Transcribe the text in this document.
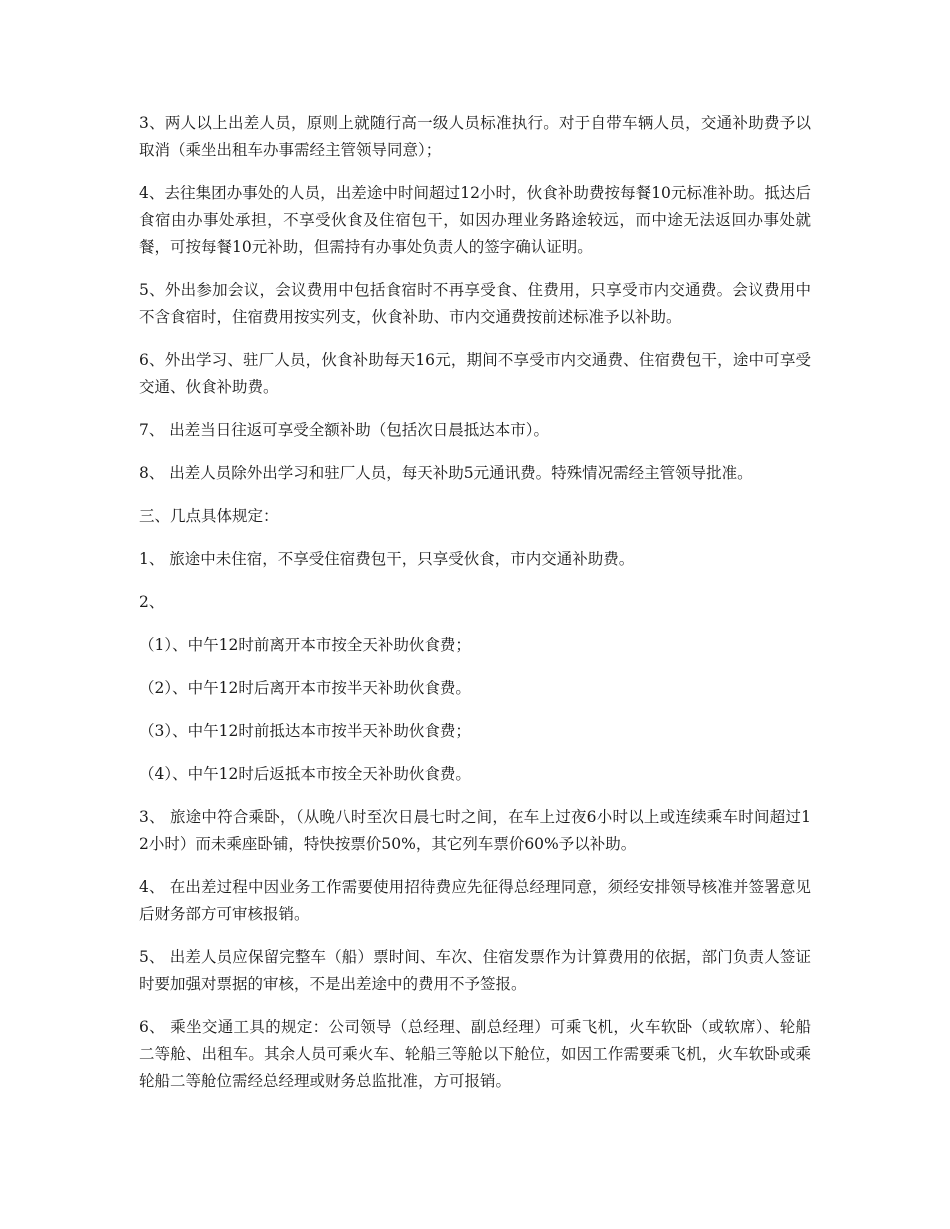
3、两人以上出差人员，原则上就随行高一级人员标准执行。对于自带车辆人员，交通补助费予以取消（乘坐出租车办事需经主管领导同意）；

4、去往集团办事处的人员，出差途中时间超过12小时，伙食补助费按每餐10元标准补助。抵达后食宿由办事处承担，不享受伙食及住宿包干，如因办理业务路途较远，而中途无法返回办事处就餐，可按每餐10元补助，但需持有办事处负责人的签字确认证明。

5、外出参加会议，会议费用中包括食宿时不再享受食、住费用，只享受市内交通费。会议费用中不含食宿时，住宿费用按实列支，伙食补助、市内交通费按前述标准予以补助。

6、外出学习、驻厂人员，伙食补助每天16元，期间不享受市内交通费、住宿费包干，途中可享受交通、伙食补助费。

7、 出差当日往返可享受全额补助（包括次日晨抵达本市）。

8、 出差人员除外出学习和驻厂人员，每天补助5元通讯费。特殊情况需经主管领导批准。

三、几点具体规定：

1、 旅途中未住宿，不享受住宿费包干，只享受伙食，市内交通补助费。

2、

（1）、中午12时前离开本市按全天补助伙食费；

（2）、中午12时后离开本市按半天补助伙食费。

（3）、中午12时前抵达本市按半天补助伙食费；

（4）、中午12时后返抵本市按全天补助伙食费。

3、 旅途中符合乘卧，（从晚八时至次日晨七时之间，在车上过夜6小时以上或连续乘车时间超过12小时）而未乘座卧铺，特快按票价50%，其它列车票价60%予以补助。

4、 在出差过程中因业务工作需要使用招待费应先征得总经理同意，须经安排领导核准并签署意见后财务部方可审核报销。

5、 出差人员应保留完整车（船）票时间、车次、住宿发票作为计算费用的依据，部门负责人签证时要加强对票据的审核，不是出差途中的费用不予签报。

6、 乘坐交通工具的规定：公司领导（总经理、副总经理）可乘飞机，火车软卧（或软席）、轮船二等舱、出租车。其余人员可乘火车、轮船三等舱以下舱位，如因工作需要乘飞机，火车软卧或乘轮船二等舱位需经总经理或财务总监批准，方可报销。
